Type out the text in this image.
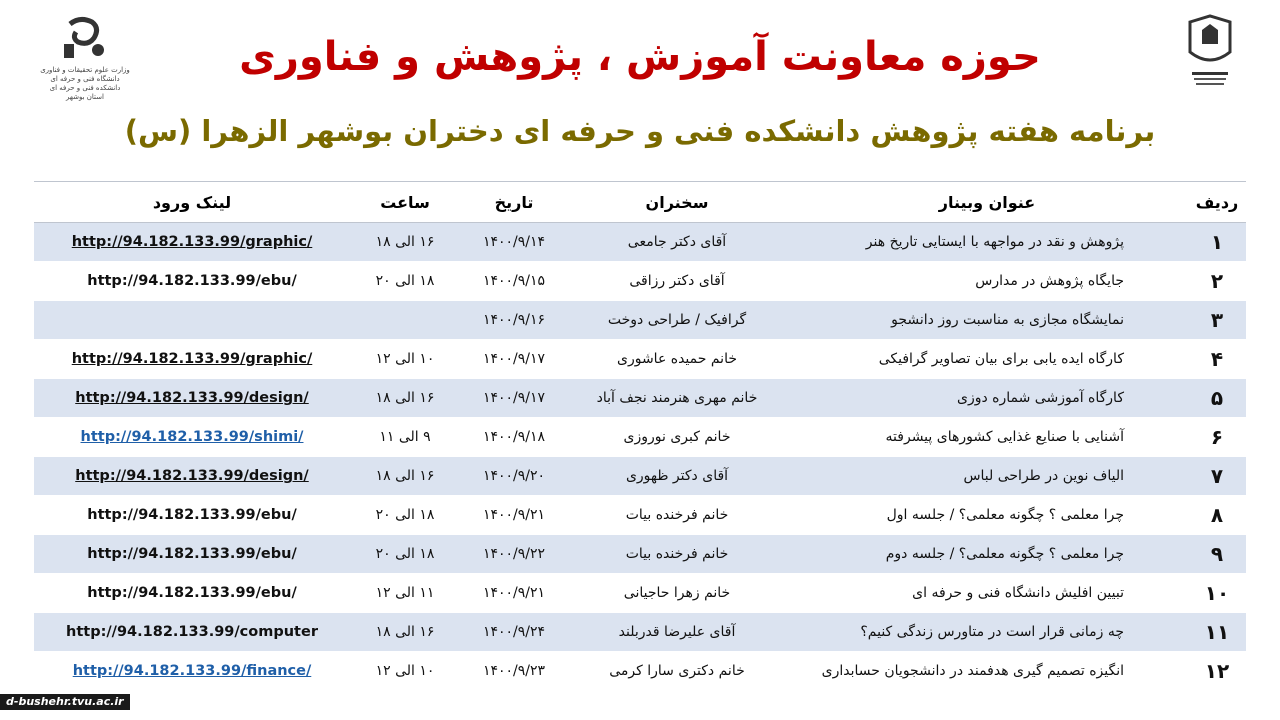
وزارت علوم تحقیقات و فناوری دانشگاه فنی و حرفه ای دانشکده فنی و حرفه ای استان بوشهر
حوزه معاونت آموزش ، پژوهش و فناوری
برنامه هفته پژوهش دانشکده فنی و حرفه ای دختران بوشهر الزهرا (س)
ردیف	عنوان وبینار	سخنران	تاریخ	ساعت	لینک ورود
۱	پژوهش و نقد در مواجهه با ایستایی تاریخ هنر	آقای دکتر جامعی	۱۴۰۰/۹/۱۴	۱۶ الی ۱۸	http://94.182.133.99/graphic/
۲	جایگاه پژوهش در مدارس	آقای دکتر رزاقی	۱۴۰۰/۹/۱۵	۱۸ الی ۲۰	http://94.182.133.99/ebu/
۳	نمایشگاه مجازی به مناسبت روز دانشجو	گرافیک / طراحی دوخت	۱۴۰۰/۹/۱۶		
۴	کارگاه ایده یابی برای بیان تصاویر گرافیکی	خانم حمیده عاشوری	۱۴۰۰/۹/۱۷	۱۰ الی ۱۲	http://94.182.133.99/graphic/
۵	کارگاه آموزشی شماره دوزی	خانم مهری هنرمند نجف آباد	۱۴۰۰/۹/۱۷	۱۶ الی ۱۸	http://94.182.133.99/design/
۶	آشنایی با صنایع غذایی کشورهای پیشرفته	خانم کبری نوروزی	۱۴۰۰/۹/۱۸	۹ الی ۱۱	http://94.182.133.99/shimi/
۷	الیاف نوین در طراحی لباس	آقای دکتر ظهوری	۱۴۰۰/۹/۲۰	۱۶ الی ۱۸	http://94.182.133.99/design/
۸	چرا معلمی ؟ چگونه معلمی؟ / جلسه اول	خانم فرخنده بیات	۱۴۰۰/۹/۲۱	۱۸ الی ۲۰	http://94.182.133.99/ebu/
۹	چرا معلمی ؟ چگونه معلمی؟ / جلسه دوم	خانم فرخنده بیات	۱۴۰۰/۹/۲۲	۱۸ الی ۲۰	http://94.182.133.99/ebu/
۱۰	تبیین افلیش دانشگاه فنی و حرفه ای	خانم زهرا حاجیانی	۱۴۰۰/۹/۲۱	۱۱ الی ۱۲	http://94.182.133.99/ebu/
۱۱	چه زمانی قرار است در متاورس زندگی کنیم؟	آقای علیرضا قدربلند	۱۴۰۰/۹/۲۴	۱۶ الی ۱۸	http://94.182.133.99/computer
۱۲	انگیزه تصمیم گیری هدفمند در دانشجویان حسابداری	خانم دکتری سارا کرمی	۱۴۰۰/۹/۲۳	۱۰ الی ۱۲	http://94.182.133.99/finance/
d-bushehr.tvu.ac.ir
